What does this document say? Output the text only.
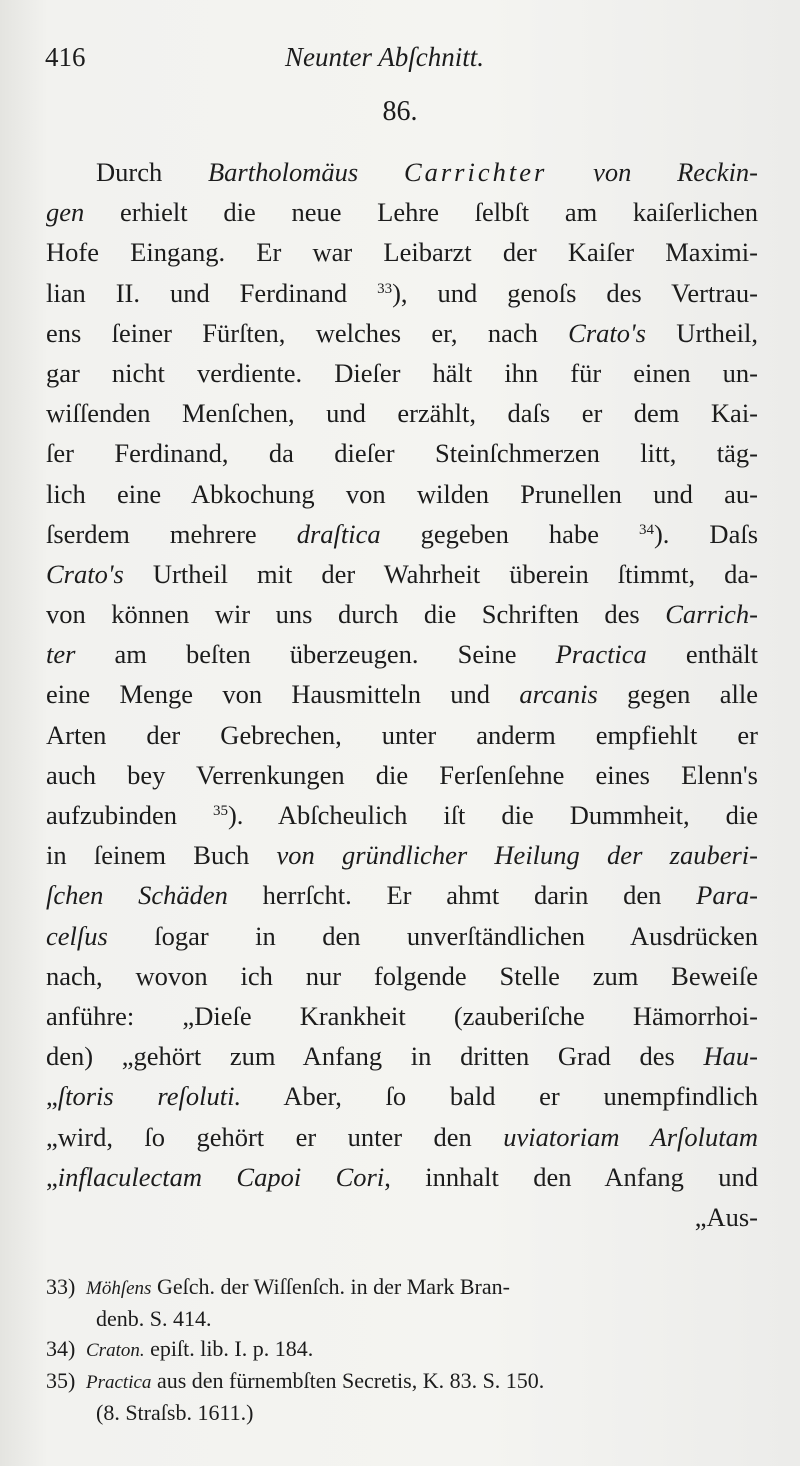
416	Neunter Abſchnitt.
86.
Durch Bartholomäus Carrichter von Reckin-
gen erhielt die neue Lehre ſelbſt am kaiſerlichen
Hofe Eingang. Er war Leibarzt der Kaiſer Maximi-
lian II. und Ferdinand $^{33}$), und genoſs des Vertrau-
ens ſeiner Fürſten, welches er, nach Crato's Urtheil,
gar nicht verdiente. Dieſer hält ihn für einen un-
wiſſenden Menſchen, und erzählt, daſs er dem Kai-
ſer Ferdinand, da dieſer Steinſchmerzen litt, täg-
lich eine Abkochung von wilden Prunellen und au-
ſserdem mehrere draſtica gegeben habe $^{34}$). Daſs
Crato's Urtheil mit der Wahrheit überein ſtimmt, da-
von können wir uns durch die Schriften des Carrich-
ter am beſten überzeugen. Seine Practica enthält
eine Menge von Hausmitteln und arcanis gegen alle
Arten der Gebrechen, unter anderm empfiehlt er
auch bey Verrenkungen die Ferſenſehne eines Elenn's
aufzubinden $^{35}$). Abſcheulich iſt die Dummheit, die
in ſeinem Buch von gründlicher Heilung der zauberi-
ſchen Schäden herrſcht. Er ahmt darin den Para-
celſus ſogar in den unverſtändlichen Ausdrücken
nach, wovon ich nur folgende Stelle zum Beweiſe
anführe: „Dieſe Krankheit (zauberiſche Hämorrhoi-
den) „gehört zum Anfang in dritten Grad des Hau-
„ſtoris reſoluti. Aber, ſo bald er unempfindlich
„wird, ſo gehört er unter den uviatoriam Arſolutam
„inflaculectam Capoi Cori, innhalt den Anfang und
„Aus-
33) Möhſens Geſch. der Wiſſenſch. in der Mark Bran-
denb. S. 414.
34) Craton. epiſt. lib. I. p. 184.
35) Practica aus den fürnembſten Secretis, K. 83. S. 150.
(8. Straſsb. 1611.)
